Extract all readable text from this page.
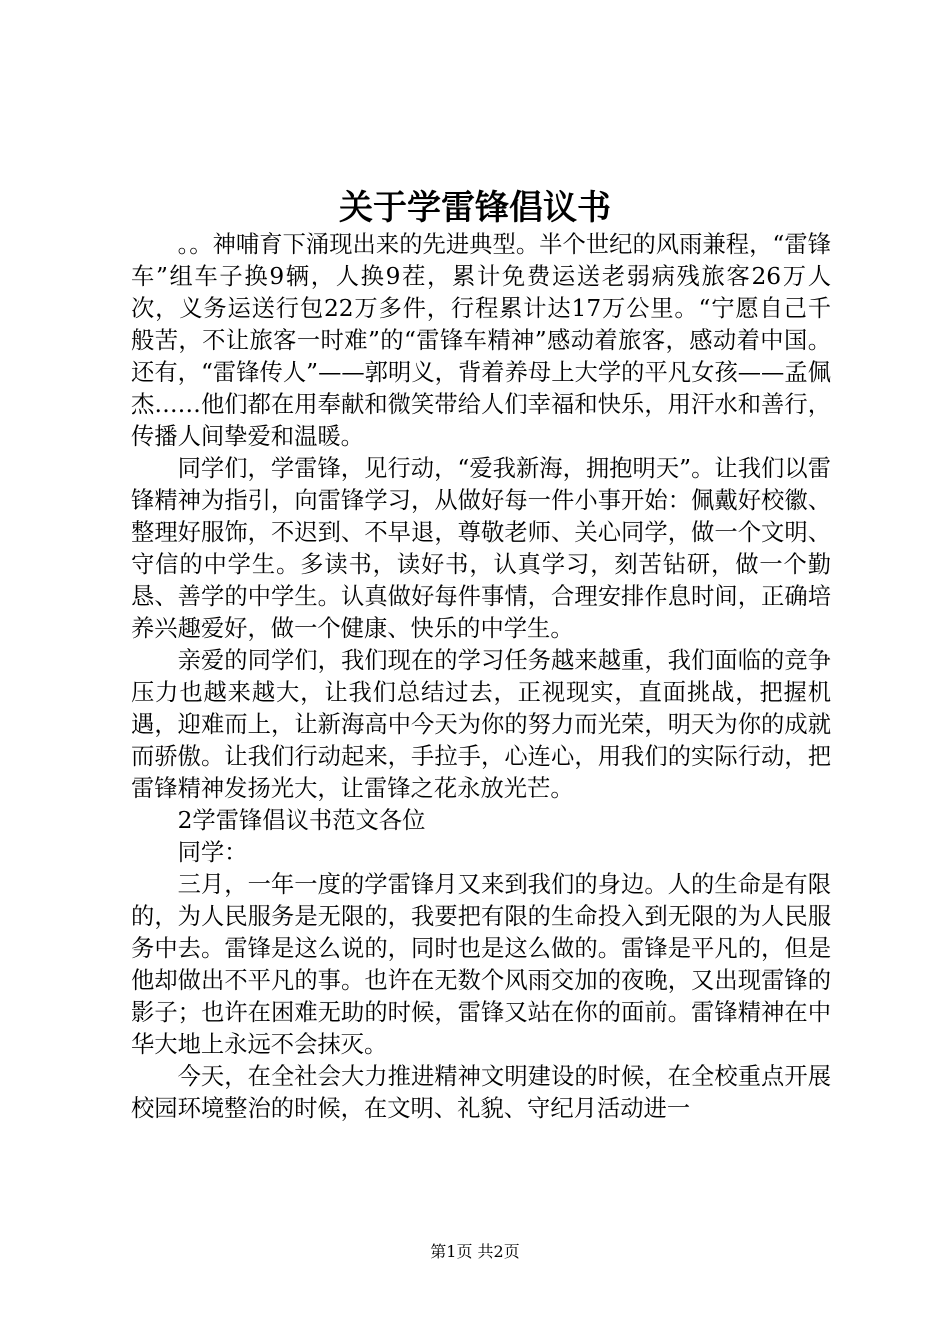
关于学雷锋倡议书

。。神哺育下涌现出来的先进典型。半个世纪的风雨兼程，“雷锋车”组车子换9辆，人换9茬，累计免费运送老弱病残旅客26万人次，义务运送行包22万多件，行程累计达17万公里。“宁愿自己千般苦，不让旅客一时难”的“雷锋车精神”感动着旅客，感动着中国。还有，“雷锋传人”——郭明义，背着养母上大学的平凡女孩——孟佩杰……他们都在用奉献和微笑带给人们幸福和快乐，用汗水和善行，传播人间挚爱和温暖。

同学们，学雷锋，见行动，“爱我新海，拥抱明天”。让我们以雷锋精神为指引，向雷锋学习，从做好每一件小事开始：佩戴好校徽、整理好服饰，不迟到、不早退，尊敬老师、关心同学，做一个文明、守信的中学生。多读书，读好书，认真学习，刻苦钻研，做一个勤恳、善学的中学生。认真做好每件事情，合理安排作息时间，正确培养兴趣爱好，做一个健康、快乐的中学生。

亲爱的同学们，我们现在的学习任务越来越重，我们面临的竞争压力也越来越大，让我们总结过去，正视现实，直面挑战，把握机遇，迎难而上，让新海高中今天为你的努力而光荣，明天为你的成就而骄傲。让我们行动起来，手拉手，心连心，用我们的实际行动，把雷锋精神发扬光大，让雷锋之花永放光芒。

2学雷锋倡议书范文各位

同学：

三月，一年一度的学雷锋月又来到我们的身边。人的生命是有限的，为人民服务是无限的，我要把有限的生命投入到无限的为人民服务中去。雷锋是这么说的，同时也是这么做的。雷锋是平凡的，但是他却做出不平凡的事。也许在无数个风雨交加的夜晚，又出现雷锋的影子；也许在困难无助的时候，雷锋又站在你的面前。雷锋精神在中华大地上永远不会抹灭。

今天，在全社会大力推进精神文明建设的时候，在全校重点开展校园环境整治的时候，在文明、礼貌、守纪月活动进一

第1页 共2页
